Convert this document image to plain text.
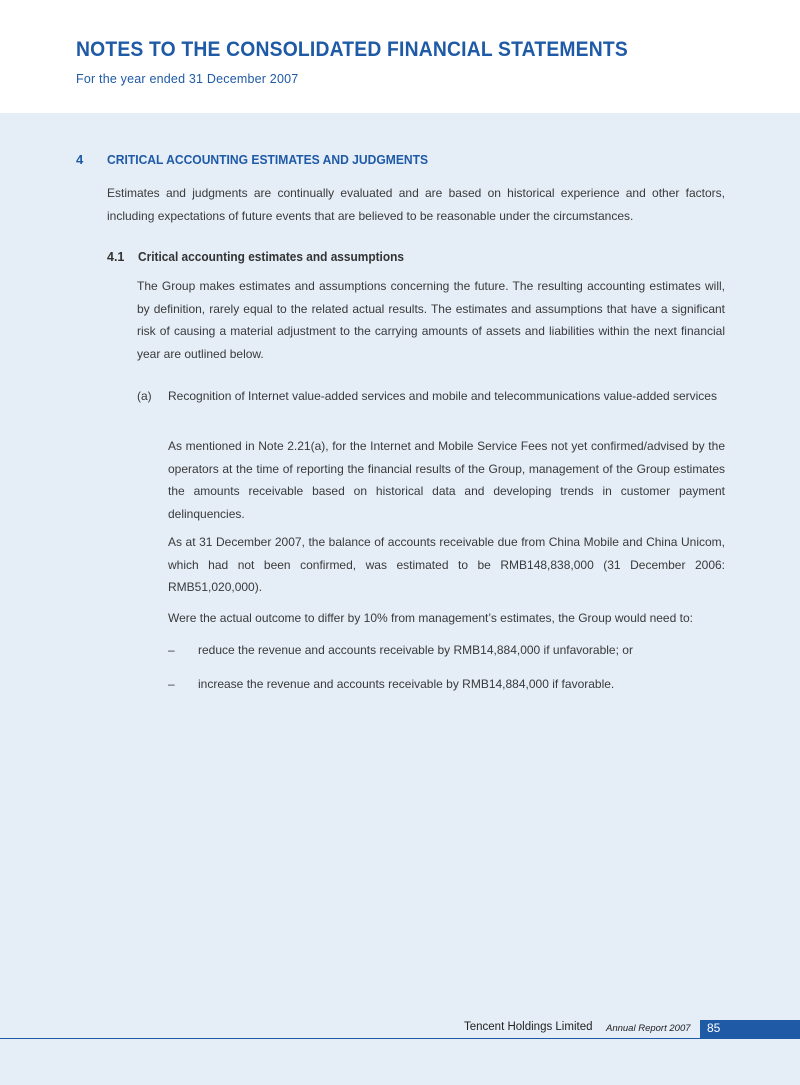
NOTES TO THE CONSOLIDATED FINANCIAL STATEMENTS

For the year ended 31 December 2007

4 CRITICAL ACCOUNTING ESTIMATES AND JUDGMENTS

Estimates and judgments are continually evaluated and are based on historical experience and other factors, including expectations of future events that are believed to be reasonable under the circumstances.

4.1 Critical accounting estimates and assumptions

The Group makes estimates and assumptions concerning the future. The resulting accounting estimates will, by definition, rarely equal to the related actual results. The estimates and assumptions that have a significant risk of causing a material adjustment to the carrying amounts of assets and liabilities within the next financial year are outlined below.

(a) Recognition of Internet value-added services and mobile and telecommunications value-added services

As mentioned in Note 2.21(a), for the Internet and Mobile Service Fees not yet confirmed/advised by the operators at the time of reporting the financial results of the Group, management of the Group estimates the amounts receivable based on historical data and developing trends in customer payment delinquencies.

As at 31 December 2007, the balance of accounts receivable due from China Mobile and China Unicom, which had not been confirmed, was estimated to be RMB148,838,000 (31 December 2006: RMB51,020,000).

Were the actual outcome to differ by 10% from management’s estimates, the Group would need to:

– reduce the revenue and accounts receivable by RMB14,884,000 if unfavorable; or

– increase the revenue and accounts receivable by RMB14,884,000 if favorable.

Tencent Holdings Limited Annual Report 2007 85
